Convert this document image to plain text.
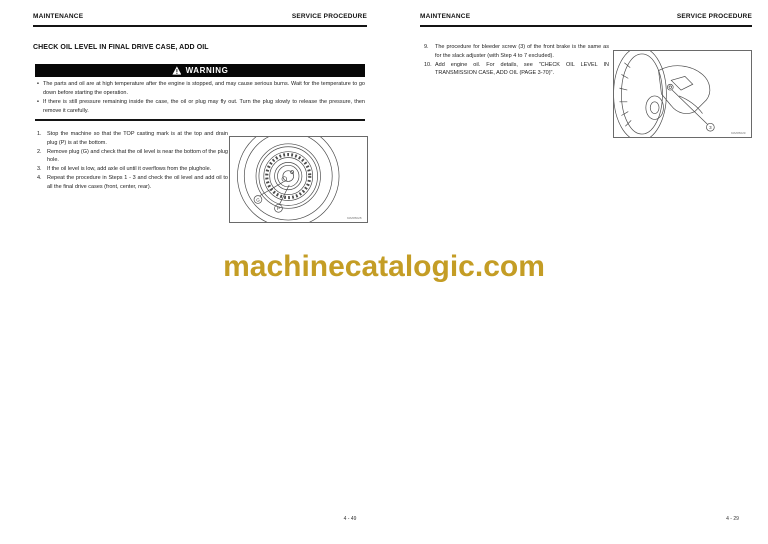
MAINTENANCE	SERVICE PROCEDURE
CHECK OIL LEVEL IN FINAL DRIVE CASE, ADD OIL
WARNING
• The parts and oil are at high temperature after the engine is stopped, and may cause serious burns. Wait for the temperature to go down before starting the operation.
• If there is still pressure remaining inside the case, the oil or plug may fly out. Turn the plug slowly to release the pressure, then remove it carefully.
1. Stop the machine so that the TOP casting mark is at the top and drain plug (P) is at the bottom.
2. Remove plug (G) and check that the oil level is near the bottom of the plug hole.
3. If the oil level is low, add axle oil until it overflows from the plughole.
4. Repeat the procedure in Steps 1 - 3 and check the oil level and add oil to all the final drive cases (front, center, rear).
G
P
9JM05028
4 - 49
MAINTENANCE	SERVICE PROCEDURE
9.	The procedure for bleeder screw (3) of the front brake is the same as for the slack adjuster (with Step 4 to 7 excluded).
10. Add engine oil. For details, see "CHECK OIL LEVEL IN TRANSMISSION CASE, ADD OIL (PAGE 3-70)".
3
9JM05029
4 - 29
machinecatalogic.com
